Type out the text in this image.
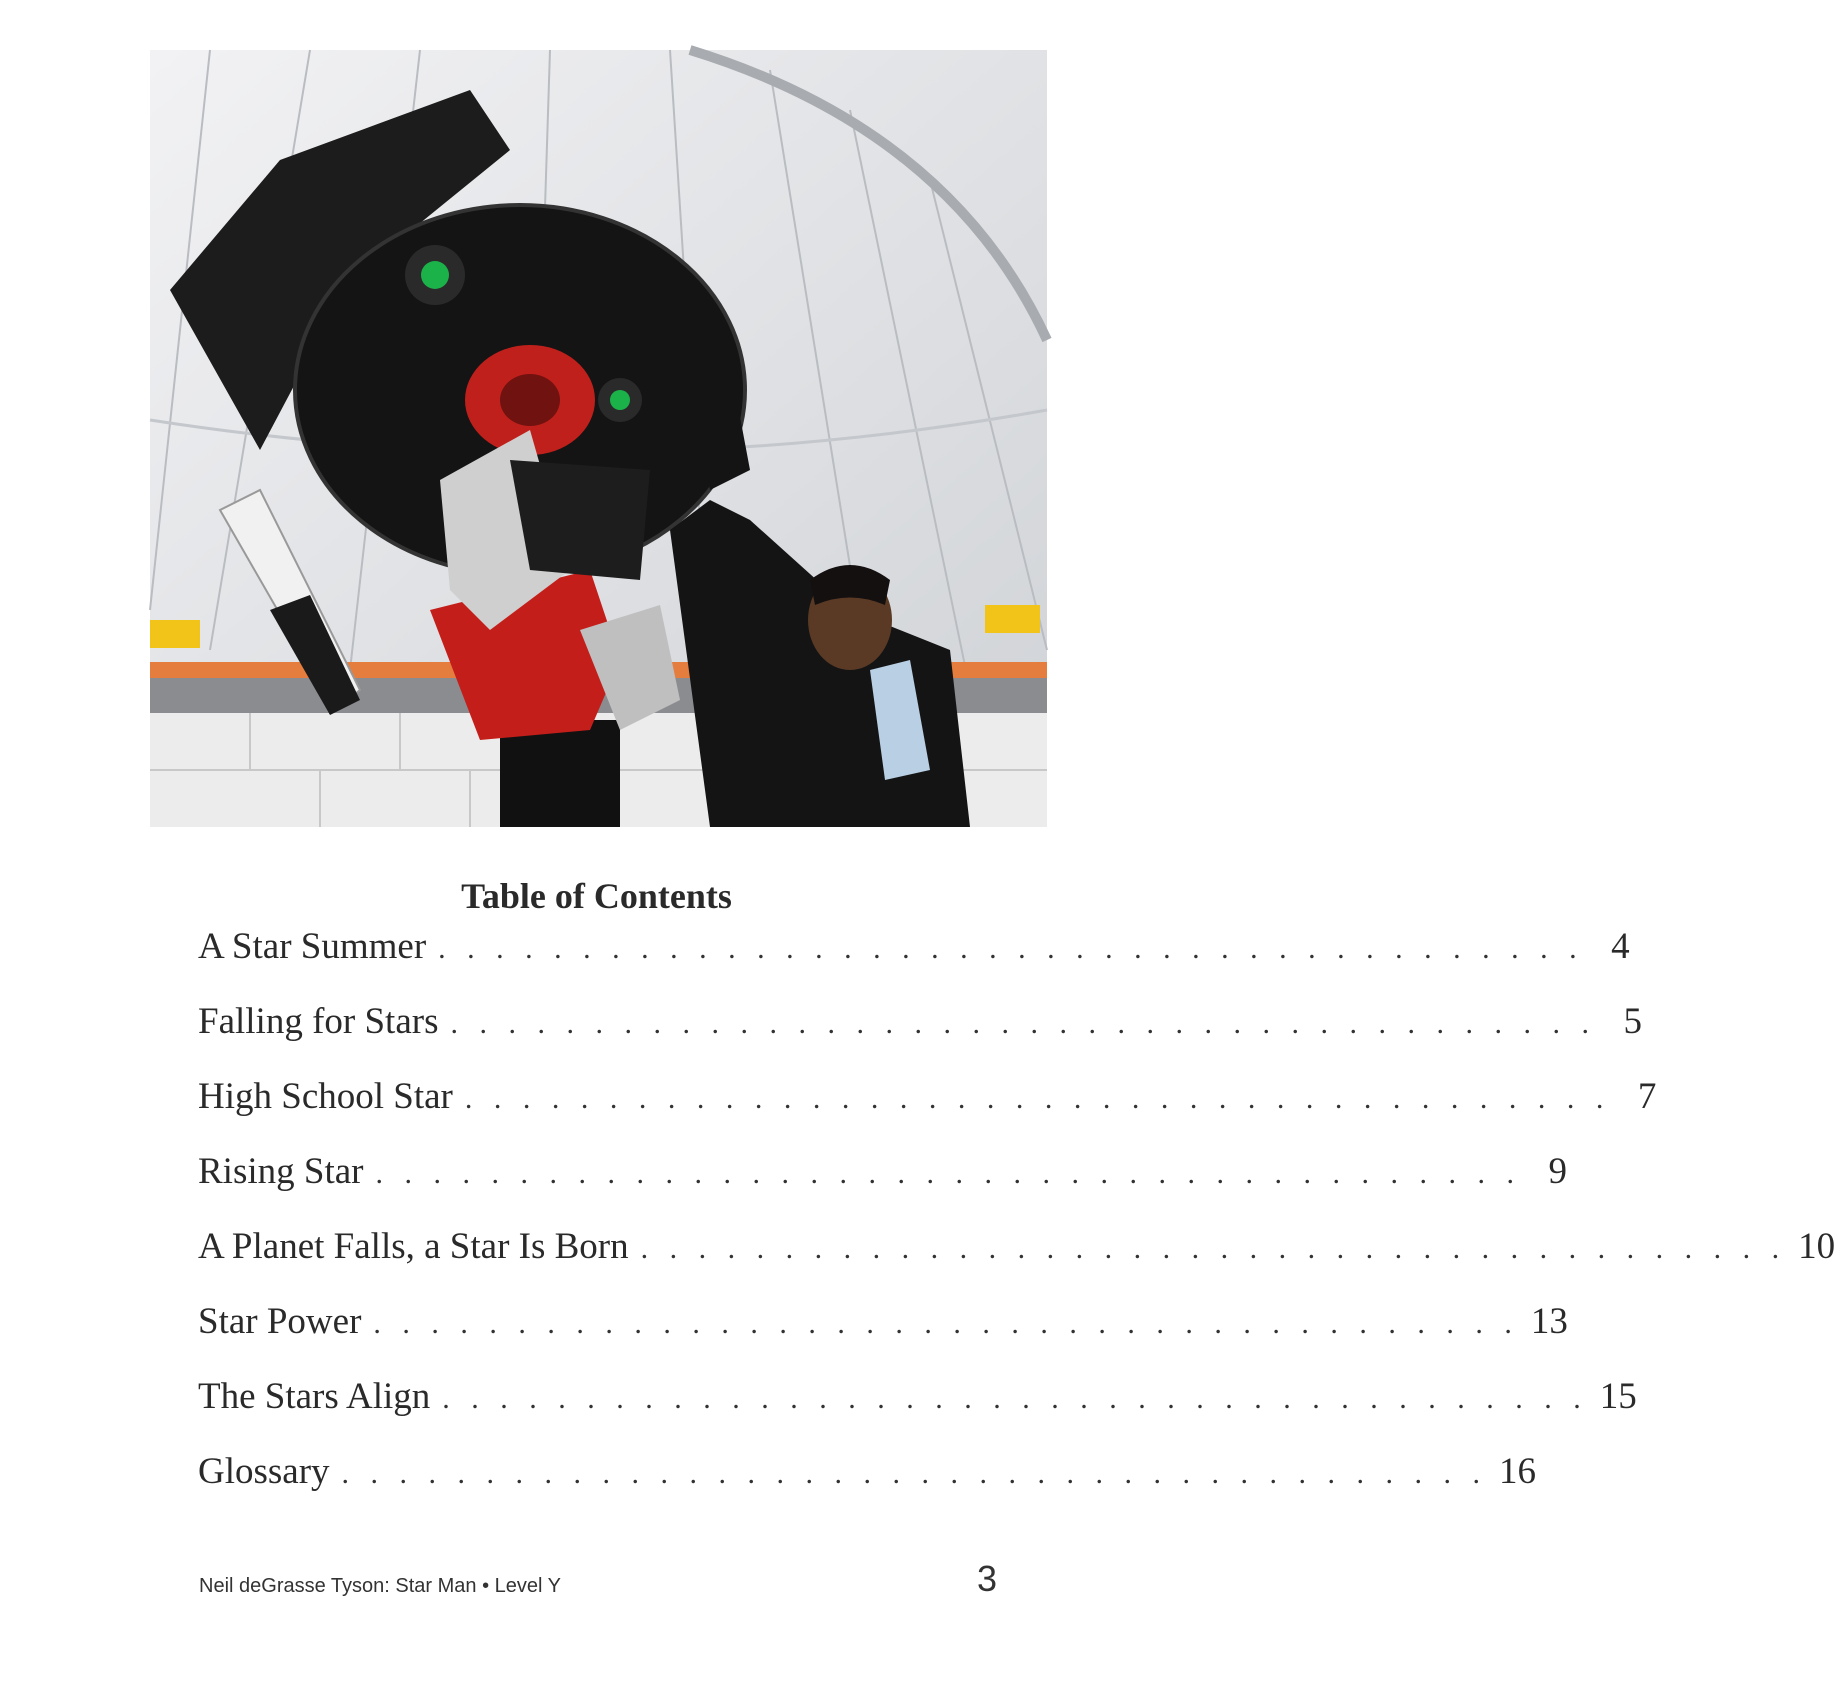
Table of Contents
A Star Summer . . . . . . . . . . . . . . . . . . . . . . . . . . . . . . . . . . . . . . . . 4
Falling for Stars . . . . . . . . . . . . . . . . . . . . . . . . . . . . . . . . . . . . . . . . 5
High School Star . . . . . . . . . . . . . . . . . . . . . . . . . . . . . . . . . . . . . . . . 7
Rising Star . . . . . . . . . . . . . . . . . . . . . . . . . . . . . . . . . . . . . . . . 9
A Planet Falls, a Star Is Born . . . . . . . . . . . . . . . . . . . . . . . . . . . . . . . . . . . . . . . . 10
Star Power . . . . . . . . . . . . . . . . . . . . . . . . . . . . . . . . . . . . . . . . 13
The Stars Align . . . . . . . . . . . . . . . . . . . . . . . . . . . . . . . . . . . . . . . . 15
Glossary . . . . . . . . . . . . . . . . . . . . . . . . . . . . . . . . . . . . . . . . 16
Neil deGrasse Tyson: Star Man • Level Y	3
